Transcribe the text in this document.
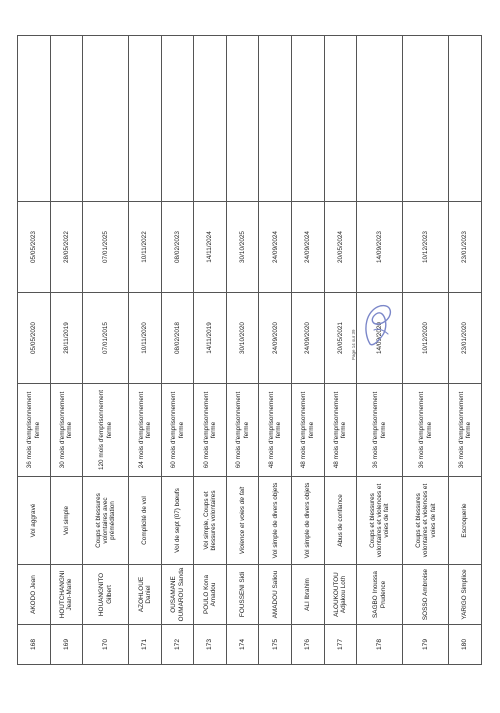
168	AKODO Jean	Vol aggravé	36 mois d'emprisonnement ferme	05/05/2020	05/05/2023	
169	HOUTCHANGNI Jean-Marie	Vol simple	30 mois d'emprisonnement ferme	28/11/2019	28/05/2022	
170	HOUANGNITO Gilbert	Coups et blessures volontaires avec préméditation	120 mois d'emprisonnement ferme	07/01/2015	07/01/2025	
171	AZOHLOUE Daniel	Complicité de vol	24 mois d'emprisonnement ferme	10/11/2020	10/11/2022	
172	OUSAMANE OUMAROU Sanda	Vol de sept (07) bœufs	60 mois d'emprisonnement ferme	08/02/2018	08/02/2023	
173	POULO Kona Amadou	Vol simple, Coups et blessures volontaires	60 mois d'emprisonnement ferme	14/11/2019	14/11/2024	
174	FOUSSENI Sidi	Violence et voies de fait	60 mois d'emprisonnement ferme	30/10/2020	30/10/2025	
175	AMADOU Saliou	Vol simple de divers objets	48 mois d'emprisonnement ferme	24/09/2020	24/09/2024	
176	ALI Ibrahim	Vol simple de divers objets	48 mois d'emprisonnement ferme	24/09/2020	24/09/2024	
177	ALOUKOUTOU Adjakou Loth	Abus de confiance	48 mois d'emprisonnement ferme	20/05/2021	20/05/2024	
178	SAGBO Inoussa Prudence	Coups et blessures volontaires et violences et voies de fait	36 mois d'emprisonnement ferme	14/09/2020	14/09/2023	
179	SOSSO Ambroise	Coups et blessures volontaires et violences et voies de fait	36 mois d'emprisonnement ferme	10/12/2020	10/12/2023	
180	YARIGO Simplice	Escroquerie	36 mois d'emprisonnement ferme	23/01/2020	23/01/2023	
Page 14 sur 39
